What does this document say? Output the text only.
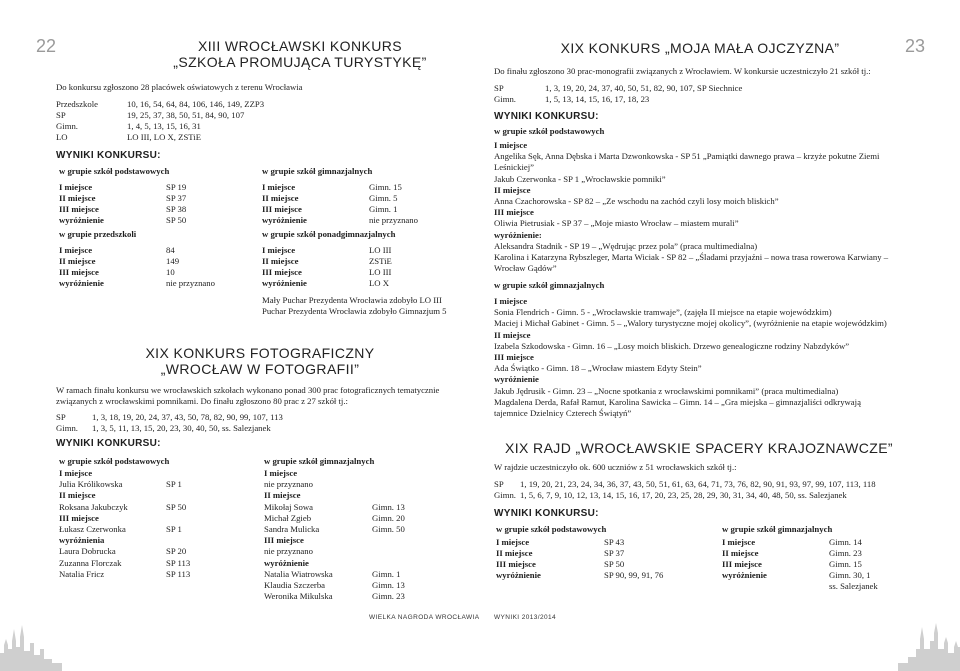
22	23
XIII WROCŁAWSKI KONKURS
„SZKOŁA PROMUJĄCA TURYSTYKĘ”
Do konkursu zgłoszono 28 placówek oświatowych z terenu Wrocławia
Przedszkole	10, 16, 54, 64, 84, 106, 146, 149, ZZP3
SP	19, 25, 37, 38, 50, 51, 84, 90, 107
Gimn.	1, 4, 5, 13, 15, 16, 31
LO	LO III, LO X, ZSTiE
WYNIKI KONKURSU:
w grupie szkół podstawowych
I miejsce	SP 19
II miejsce	SP 37
III miejsce	SP 38
wyróżnienie	SP 50
w grupie przedszkoli
I miejsce	84
II miejsce	149
III miejsce	10
wyróżnienie	nie przyznano
w grupie szkół gimnazjalnych
I miejsce	Gimn. 15
II miejsce	Gimn. 5
III miejsce	Gimn. 1
wyróżnienie	nie przyznano
w grupie szkół ponadgimnazjalnych
I miejsce	LO III
II miejsce	ZSTiE
III miejsce	LO III
wyróżnienie	LO X
Mały Puchar Prezydenta Wrocławia zdobyło LO III
Puchar Prezydenta Wrocławia zdobyło Gimnazjum 5
XIX KONKURS FOTOGRAFICZNY
„WROCŁAW W FOTOGRAFII”
W ramach finału konkursu we wrocławskich szkołach wykonano ponad 300 prac fotograficznych tematycznie
związanych z wrocławskimi pomnikami. Do finału zgłoszono 80 prac z 27 szkół tj.:
SP	1, 3, 18, 19, 20, 24, 37, 43, 50, 78, 82, 90, 99, 107, 113
Gimn. 1, 3, 5, 11, 13, 15, 20, 23, 30, 40, 50, ss. Salezjanek
WYNIKI KONKURSU:
w grupie szkół podstawowych
I miejsce
Julia Królikowska	SP 1
II miejsce
Roksana Jakubczyk	SP 50
III miejsce
Łukasz Czerwonka	SP 1
wyróżnienia
Laura Dobrucka	SP 20
Zuzanna Florczak	SP 113
Natalia Fricz	SP 113
w grupie szkół gimnazjalnych
I miejsce
nie przyznano
II miejsce
Mikołaj Sowa	Gimn. 13
Michał Zgieb	Gimn. 20
Sandra Mulicka	Gimn. 50
III miejsce
nie przyznano
wyróżnienie
Natalia Wiatrowska	Gimn. 1
Klaudia Szczerba	Gimn. 13
Weronika Mikulska	Gimn. 23
WIELKA NAGRODA WROCŁAWIA
XIX KONKURS „MOJA MAŁA OJCZYZNA”
Do finału zgłoszono 30 prac-monografii związanych z Wrocławiem. W konkursie uczestniczyło 21 szkół tj.:
SP	1, 3, 19, 20, 24, 37, 40, 50, 51, 82, 90, 107, SP Siechnice
Gimn.	1, 5, 13, 14, 15, 16, 17, 18, 23
WYNIKI KONKURSU:
w grupie szkół podstawowych
I miejsce
Angelika Sęk, Anna Dębska i Marta Dzwonkowska - SP 51 „Pamiątki dawnego prawa – krzyże pokutne Ziemi
Leśnickiej”
Jakub Czerwonka - SP 1 „Wrocławskie pomniki”
II miejsce
Anna Czachorowska - SP 82 – „Ze wschodu na zachód czyli losy moich bliskich”
III miejsce
Oliwia Pietrusiak - SP 37 – „Moje miasto Wrocław – miastem murali”
wyróżnienie:
Aleksandra Stadnik - SP 19 – „Wędrując przez pola” (praca multimedialna)
Karolina i Katarzyna Rybszleger, Marta Wiciak - SP 82 – „Śladami przyjaźni – nowa trasa rowerowa Karwiany –
Wrocław Gądów”
w grupie szkół gimnazjalnych
I miejsce
Sonia Flendrich - Gimn. 5 - „Wrocławskie tramwaje”, (zajęła II miejsce na etapie wojewódzkim)
Maciej i Michał Gabinet - Gimn. 5 – „Walory turystyczne mojej okolicy”, (wyróżnienie na etapie wojewódzkim)
II miejsce
Izabela Szkodowska - Gimn. 16 – „Losy moich bliskich. Drzewo genealogiczne rodziny Nabzdyków”
III miejsce
Ada Świątko - Gimn. 18 – „Wrocław miastem Edyty Stein”
wyróżnienie
Jakub Jędrusik - Gimn. 23 – „Nocne spotkania z wrocławskimi pomnikami” (praca multimedialna)
Magdalena Derda, Rafał Ramut, Karolina Sawicka – Gimn. 14 – „Gra miejska – gimnazjaliści odkrywają
tajemnice Dzielnicy Czterech Świątyń”
XIX RAJD „WROCŁAWSKIE SPACERY KRAJOZNAWCZE”
W rajdzie uczestniczyło ok. 600 uczniów z 51 wrocławskich szkół tj.:
SP 1, 19, 20, 21, 23, 24, 34, 36, 37, 43, 50, 51, 61, 63, 64, 71, 73, 76, 82, 90, 91, 93, 97, 99, 107, 113, 118
Gimn. 1, 5, 6, 7, 9, 10, 12, 13, 14, 15, 16, 17, 20, 23, 25, 28, 29, 30, 31, 34, 40, 48, 50, ss. Salezjanek
WYNIKI KONKURSU:
w grupie szkół podstawowych
I miejsce	SP 43
II miejsce	SP 37
III miejsce	SP 50
wyróżnienie	SP 90, 99, 91, 76
w grupie szkół gimnazjalnych
I miejsce	Gimn. 14
II miejsce	Gimn. 23
III miejsce	Gimn. 15
wyróżnienie	Gimn. 30, 1
ss. Salezjanek
WYNIKI 2013/2014
